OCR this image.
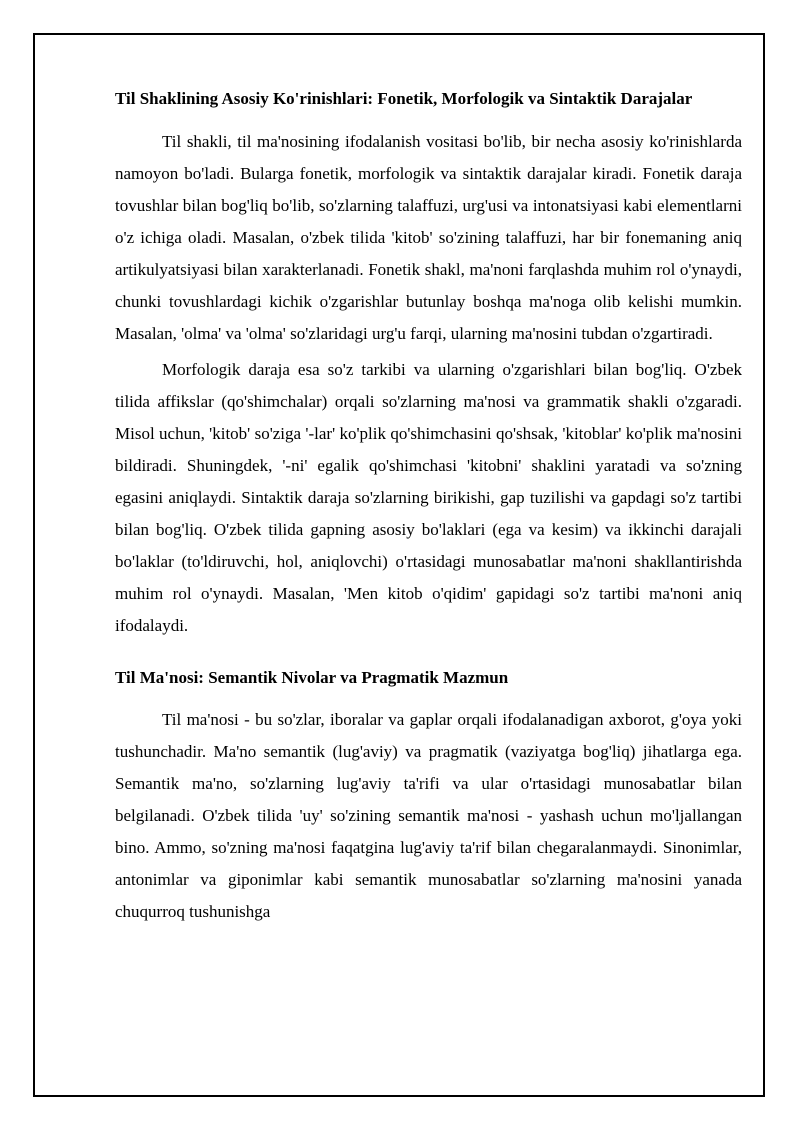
Til Shaklining Asosiy Ko'rinishlari: Fonetik, Morfologik va Sintaktik Darajalar

Til shakli, til ma'nosining ifodalanish vositasi bo'lib, bir necha asosiy ko'rinishlarda namoyon bo'ladi. Bularga fonetik, morfologik va sintaktik darajalar kiradi. Fonetik daraja tovushlar bilan bog'liq bo'lib, so'zlarning talaffuzi, urg'usi va intonatsiyasi kabi elementlarni o'z ichiga oladi. Masalan, o'zbek tilida 'kitob' so'zining talaffuzi, har bir fonemaning aniq artikulyatsiyasi bilan xarakterlanadi. Fonetik shakl, ma'noni farqlashda muhim rol o'ynaydi, chunki tovushlardagi kichik o'zgarishlar butunlay boshqa ma'noga olib kelishi mumkin. Masalan, 'olma' va 'olma' so'zlaridagi urg'u farqi, ularning ma'nosini tubdan o'zgartiradi.

Morfologik daraja esa so'z tarkibi va ularning o'zgarishlari bilan bog'liq. O'zbek tilida affikslar (qo'shimchalar) orqali so'zlarning ma'nosi va grammatik shakli o'zgaradi. Misol uchun, 'kitob' so'ziga '-lar' ko'plik qo'shimchasini qo'shsak, 'kitoblar' ko'plik ma'nosini bildiradi. Shuningdek, '-ni' egalik qo'shimchasi 'kitobni' shaklini yaratadi va so'zning egasini aniqlaydi. Sintaktik daraja so'zlarning birikishi, gap tuzilishi va gapdagi so'z tartibi bilan bog'liq. O'zbek tilida gapning asosiy bo'laklari (ega va kesim) va ikkinchi darajali bo'laklar (to'ldiruvchi, hol, aniqlovchi) o'rtasidagi munosabatlar ma'noni shakllantirishda muhim rol o'ynaydi. Masalan, 'Men kitob o'qidim' gapidagi so'z tartibi ma'noni aniq ifodalaydi.

Til Ma'nosi: Semantik Nivolar va Pragmatik Mazmun

Til ma'nosi - bu so'zlar, iboralar va gaplar orqali ifodalanadigan axborot, g'oya yoki tushunchadir. Ma'no semantik (lug'aviy) va pragmatik (vaziyatga bog'liq) jihatlarga ega. Semantik ma'no, so'zlarning lug'aviy ta'rifi va ular o'rtasidagi munosabatlar bilan belgilanadi. O'zbek tilida 'uy' so'zining semantik ma'nosi - yashash uchun mo'ljallangan bino. Ammo, so'zning ma'nosi faqatgina lug'aviy ta'rif bilan chegaralanmaydi. Sinonimlar, antonimlar va giponimlar kabi semantik munosabatlar so'zlarning ma'nosini yanada chuqurroq tushunishga
